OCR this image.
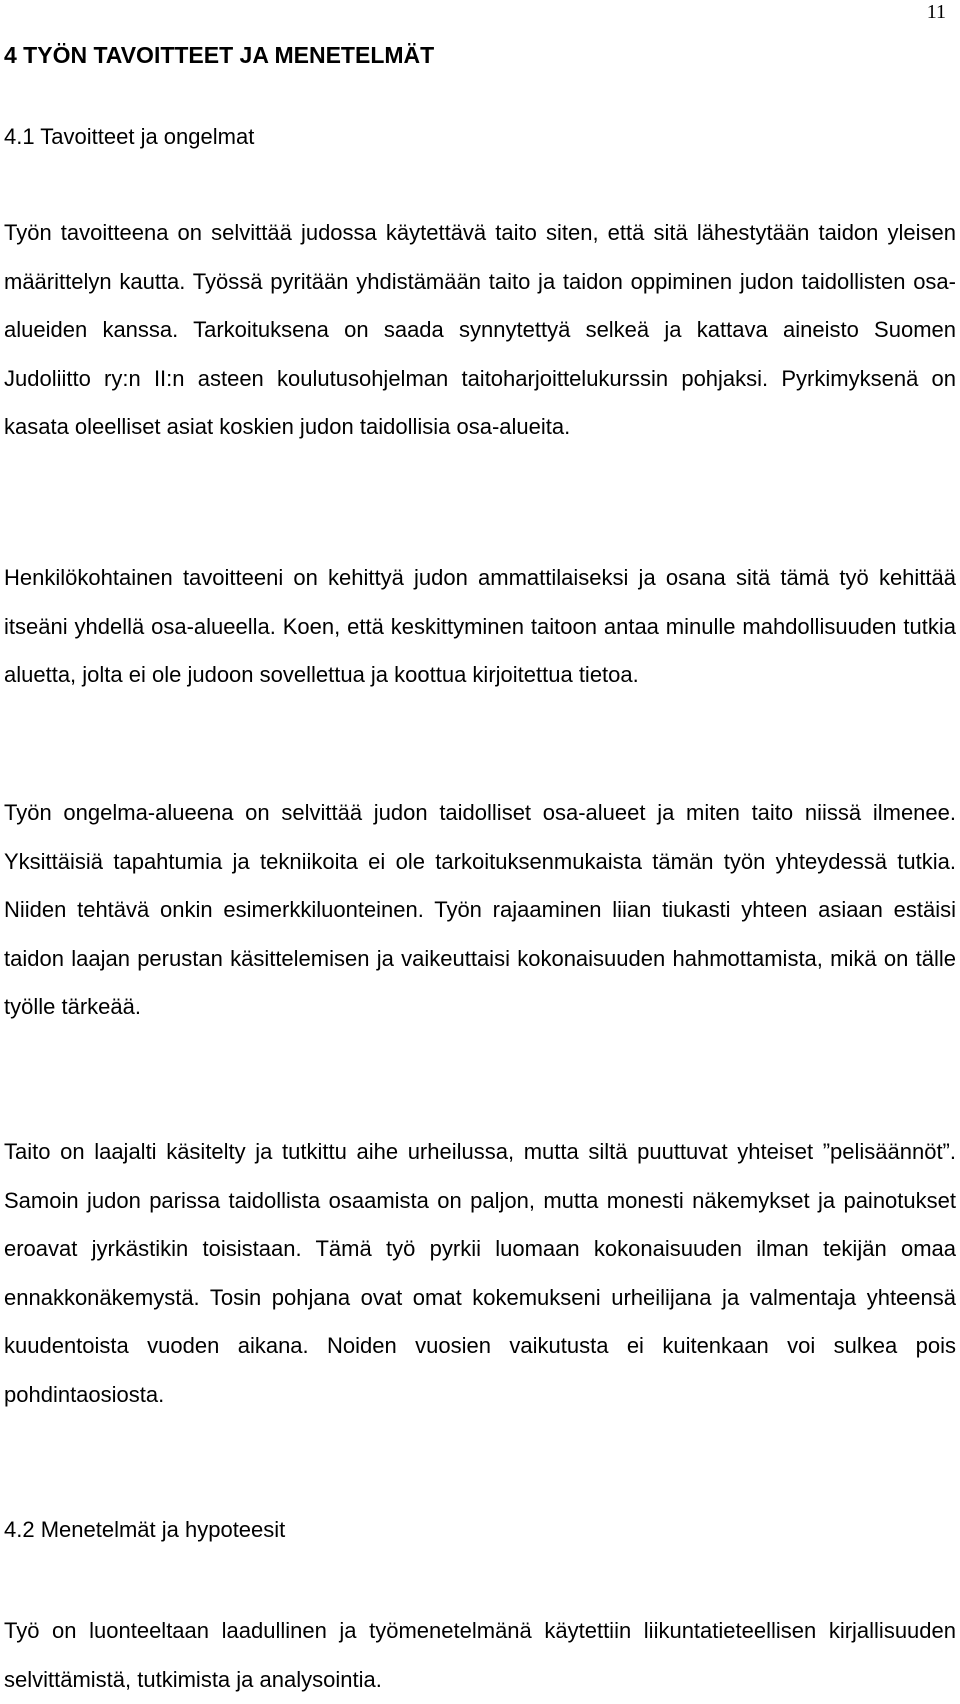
11
4 TYÖN TAVOITTEET JA MENETELMÄT
4.1 Tavoitteet ja ongelmat

Työn tavoitteena on selvittää judossa käytettävä taito siten, että sitä lähestytään taidon yleisen määrittelyn kautta. Työssä pyritään yhdistämään taito ja taidon oppiminen judon taidollisten osa-alueiden kanssa. Tarkoituksena on saada synnytettyä selkeä ja kattava aineisto Suomen Judoliitto ry:n II:n asteen koulutusohjelman taitoharjoittelukurssin pohjaksi. Pyrkimyksenä on kasata oleelliset asiat koskien judon taidollisia osa-alueita.

Henkilökohtainen tavoitteeni on kehittyä judon ammattilaiseksi ja osana sitä tämä työ kehittää itseäni yhdellä osa-alueella. Koen, että keskittyminen taitoon antaa minulle mahdollisuuden tutkia aluetta, jolta ei ole judoon sovellettua ja koottua kirjoitettua tietoa.

Työn ongelma-alueena on selvittää judon taidolliset osa-alueet ja miten taito niissä ilmenee. Yksittäisiä tapahtumia ja tekniikoita ei ole tarkoituksenmukaista tämän työn yhteydessä tutkia. Niiden tehtävä onkin esimerkkiluonteinen. Työn rajaaminen liian tiukasti yhteen asiaan estäisi taidon laajan perustan käsittelemisen ja vaikeuttaisi kokonaisuuden hahmottamista, mikä on tälle työlle tärkeää.

Taito on laajalti käsitelty ja tutkittu aihe urheilussa, mutta siltä puuttuvat yhteiset ”pelisäännöt”. Samoin judon parissa taidollista osaamista on paljon, mutta monesti näkemykset ja painotukset eroavat jyrkästikin toisistaan. Tämä työ pyrkii luomaan kokonaisuuden ilman tekijän omaa ennakkonäkemystä. Tosin pohjana ovat omat kokemukseni urheilijana ja valmentaja yhteensä kuudentoista vuoden aikana. Noiden vuosien vaikutusta ei kuitenkaan voi sulkea pois pohdintaosiosta.

4.2 Menetelmät ja hypoteesit

Työ on luonteeltaan laadullinen ja työmenetelmänä käytettiin liikuntatieteellisen kirjallisuuden selvittämistä, tutkimista ja analysointia.
